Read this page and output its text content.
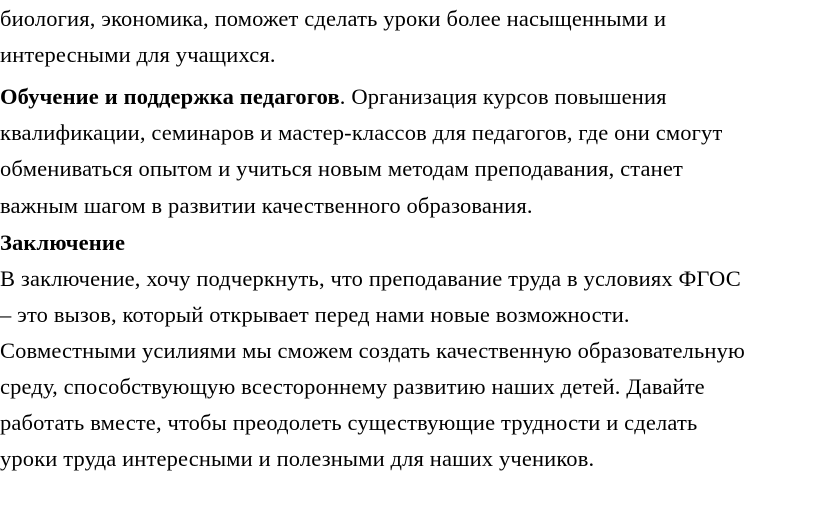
биология, экономика, поможет сделать уроки более насыщенными и
интересными для учащихся.
Обучение и поддержка педагогов. Организация курсов повышения
квалификации, семинаров и мастер-классов для педагогов, где они смогут
обмениваться опытом и учиться новым методам преподавания, станет
важным шагом в развитии качественного образования.
Заключение
В заключение, хочу подчеркнуть, что преподавание труда в условиях ФГОС
– это вызов, который открывает перед нами новые возможности.
Совместными усилиями мы сможем создать качественную образовательную
среду, способствующую всестороннему развитию наших детей. Давайте
работать вместе, чтобы преодолеть существующие трудности и сделать
уроки труда интересными и полезными для наших учеников.
